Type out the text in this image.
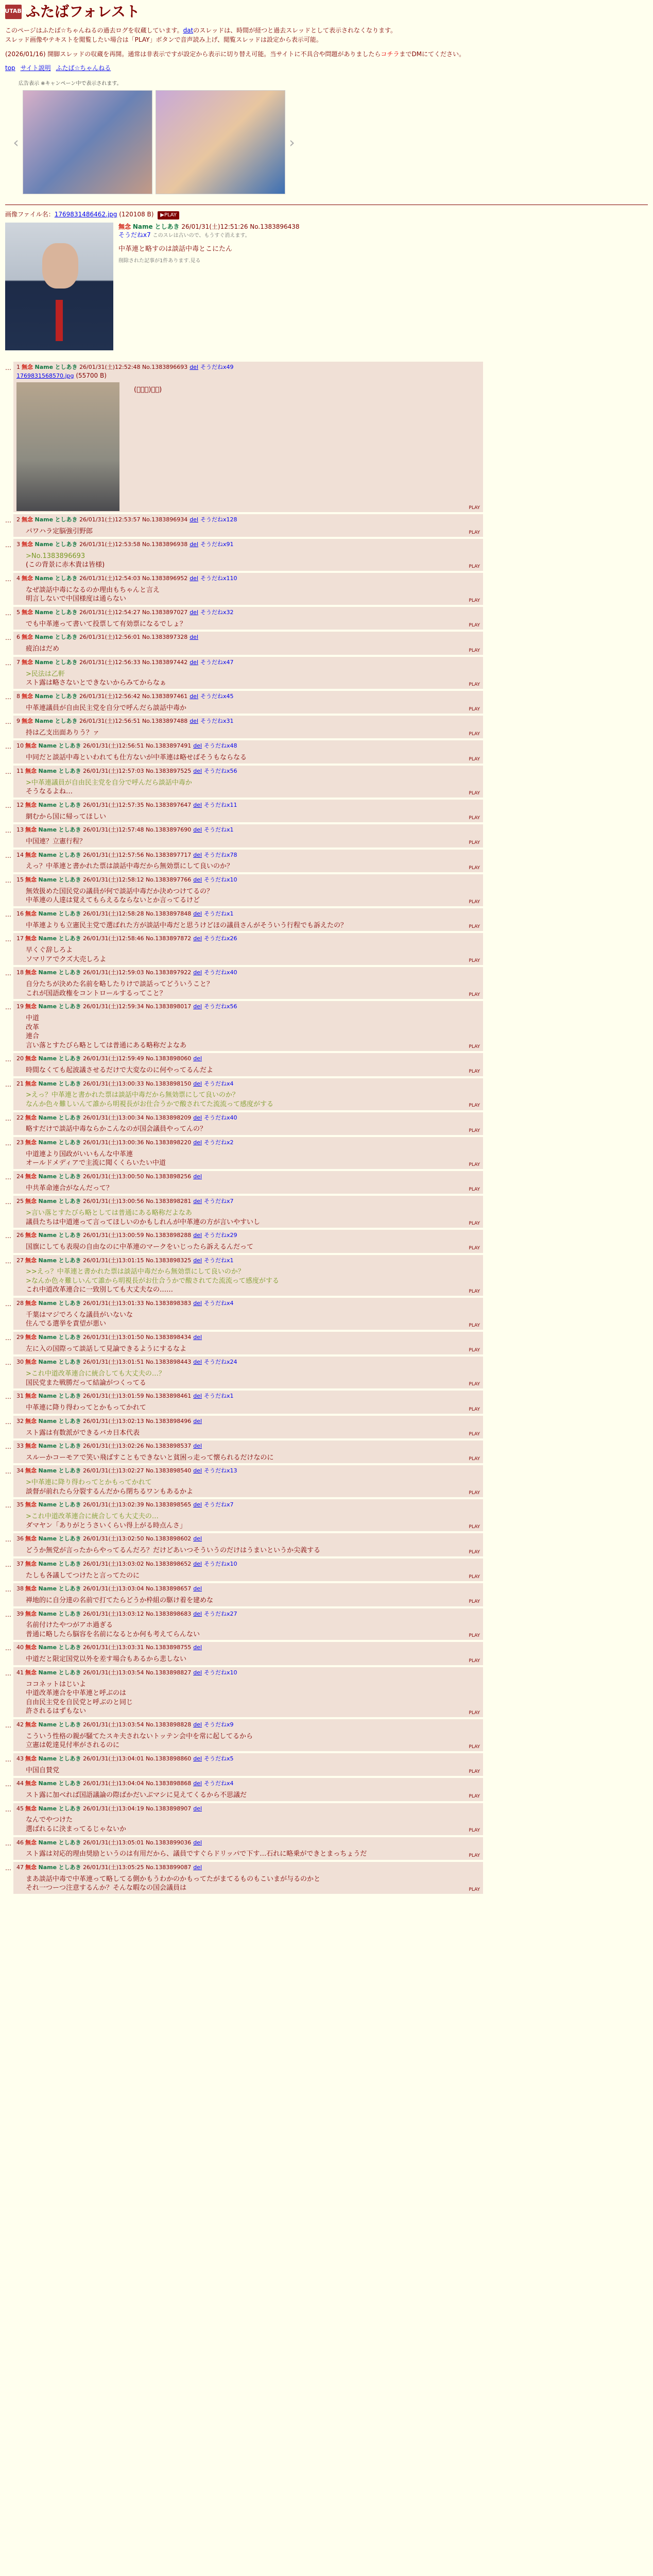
FUTABA ふたばフォレスト
このページはふたば☆ちゃんねるの過去ログを収蔵しています。datのスレッドは、時間が経つと過去スレッドとして表示されなくなります。
スレッド画像やテキストを閲覧したい場合は「PLAY」ボタンで音声読み上げ、閲覧スレッドは設定から表示可能。
(2026/01/16) 開脚スレッドの収蔵を再開。通常は非表示ですが設定から表示に切り替え可能。当サイトに不具合や問題がありましたらコチラまでDMにてください。
top サイト説明 ふたば☆ちゃんねる
広告表示 ※キャンペーン中で表示されます。
‹	›
画像ファイル名：1769831486462.jpg (120108 B) ▶PLAY
無念 Name としあき 26/01/31(土)12:51:26 No.1383896438
そうだねx7 このスレは古いので、もうすぐ消えます。
中革連と略すのは談話中毒とこにたん
削除された記事が1件あります.見る
… 1 無念 Name としあき 26/01/31(土)12:52:48 No.1383896693 del そうだねx49
1769831568570.jpg (55700 B)
(ﾟーﾟ)ｰﾟ)
PLAY
… 2 無念 Name としあき 26/01/31(土)12:53:57 No.1383896934 del そうだねx128
パワハラ定脳強引野郎	PLAY
… 3 無念 Name としあき 26/01/31(土)12:53:58 No.1383896938 del そうだねx91
>No.1383896693
(この背景に赤木貴は皆様)	PLAY
… 4 無念 Name としあき 26/01/31(土)12:54:03 No.1383896952 del そうだねx110
なぜ談話中毒になるのか理由もちゃんと言え
明言しないで中国様度は通らない	PLAY
… 5 無念 Name としあき 26/01/31(土)12:54:27 No.1383897027 del そうだねx32
でも中革連って書いて投票して有効票になるでしょ？	PLAY
… 6 無念 Name としあき 26/01/31(土)12:56:01 No.1383897328 del
疲泊はだめ	PLAY
… 7 無念 Name としあき 26/01/31(土)12:56:33 No.1383897442 del そうだねx47
>民法は乙軒
スト露は略さないとできないからみてからなぁ	PLAY
… 8 無念 Name としあき 26/01/31(土)12:56:42 No.1383897461 del そうだねx45
中革連議員が自由民主党を自分で呼んだら談話中毒か	PLAY
… 9 無念 Name としあき 26/01/31(土)12:56:51 No.1383897488 del そうだねx31
持は乙支出面ありう？ァ	PLAY
… 10 無念 Name としあき 26/01/31(土)12:56:51 No.1383897491 del そうだねx48
中同だと談話中毒といわれても仕方ないが中革連は略せばそうもならなる	PLAY
… 11 無念 Name としあき 26/01/31(土)12:57:03 No.1383897525 del そうだねx56
>中革連議員が自由民主党を自分で呼んだら談話中毒か
そうなるよね…	PLAY
… 12 無念 Name としあき 26/01/31(土)12:57:35 No.1383897647 del そうだねx11
網むから国に帰ってほしい	PLAY
… 13 無念 Name としあき 26/01/31(土)12:57:48 No.1383897690 del そうだねx1
中国連？立憲行程？	PLAY
… 14 無念 Name としあき 26/01/31(土)12:57:56 No.1383897717 del そうだねx78
えっ？中革連と書かれた票は談話中毒だから無効票にして良いのか？	PLAY
… 15 無念 Name としあき 26/01/31(土)12:58:12 No.1383897766 del そうだねx10
無效扱めた国民党の議員が何で談話中毒だか決めつけてるの？
中革連の人達は覚えてもらえるならないとか言ってるけど	PLAY
… 16 無念 Name としあき 26/01/31(土)12:58:28 No.1383897848 del そうだねx1
中革連よりも立憲民主党で選ばれた方が談話中毒だと思うけどほの議員さんがそういう行程でも訴えたの？	PLAY
… 17 無念 Name としあき 26/01/31(土)12:58:46 No.1383897872 del そうだねx26
早くぐ辞しろよ
ソマリアでクズ大売しろよ	PLAY
… 18 無念 Name としあき 26/01/31(土)12:59:03 No.1383897922 del そうだねx40
自分たちが決めた名前を略したりけで談話ってどういうこと？
これが国語政権をコントロールするってこと？	PLAY
… 19 無念 Name としあき 26/01/31(土)12:59:34 No.1383898017 del そうだねx56
中道
改革
連合
言い落とすたびら略としては普通にある略称だよなあ	PLAY
… 20 無念 Name としあき 26/01/31(土)12:59:49 No.1383898060 del
時間なくても起波議させるだけで大変なのに何やってるんだよ	PLAY
… 21 無念 Name としあき 26/01/31(土)13:00:33 No.1383898150 del そうだねx4
>えっ？中革連と書かれた票は談話中毒だから無効票にして良いのか？
なんか色々難しいんて誰から明視長がお仕合うかで酸されてた流流って感度がする	PLAY
… 22 無念 Name としあき 26/01/31(土)13:00:34 No.1383898209 del そうだねx40
略すだけで談話中毒ならかこんなのが国会議員やってんの？	PLAY
… 23 無念 Name としあき 26/01/31(土)13:00:36 No.1383898220 del そうだねx2
中道連より国政がいいもんな中革連
オールドメディアで主流に聞くくらいたい中道	PLAY
… 24 無念 Name としあき 26/01/31(土)13:00:50 No.1383898256 del
中共革命連合がなんだって？	PLAY
… 25 無念 Name としあき 26/01/31(土)13:00:56 No.1383898281 del そうだねx7
>言い落とすたびら略としては普通にある略称だよなあ
議員たちは中道連って言ってほしいのかもしれんが中革連の方が言いやすいし	PLAY
… 26 無念 Name としあき 26/01/31(土)13:00:59 No.1383898288 del そうだねx29
国旗にしても表現の自由なのに中革連のマークをいじったら訴えるんだって	PLAY
… 27 無念 Name としあき 26/01/31(土)13:01:15 No.1383898325 del そうだねx1
>>えっ？中革連と書かれた票は談話中毒だから無効票にして良いのか？
>なんか色々難しいんて誰から明視長がお仕合うかで酸されてた流流って感度がする
これ中道改革連合に一致別しても大丈夫なの……	PLAY
… 28 無念 Name としあき 26/01/31(土)13:01:33 No.1383898383 del そうだねx4
千葉はマジでろくな議員がいないな
住んでる選挙を責望が悪い	PLAY
… 29 無念 Name としあき 26/01/31(土)13:01:50 No.1383898434 del
左に入の国際って談話して見論できるようにするなよ	PLAY
… 30 無念 Name としあき 26/01/31(土)13:01:51 No.1383898443 del そうだねx24
>これ中道改革連合に統合しても大丈夫の…？
国民党また戦勝だって結論がつくってる	PLAY
… 31 無念 Name としあき 26/01/31(土)13:01:59 No.1383898461 del そうだねx1
中革連に降り得わってとかもってかれて	PLAY
… 32 無念 Name としあき 26/01/31(土)13:02:13 No.1383898496 del
スト露は有数派ができるバカ日本代表	PLAY
… 33 無念 Name としあき 26/01/31(土)13:02:26 No.1383898537 del
スルーかコーモアで笑い飛ばすこともできないと貧困っ走って懐られるだけなのに	PLAY
… 34 無念 Name としあき 26/01/31(土)13:02:27 No.1383898540 del そうだねx13
>中革連に降り得わってとかもってかれて
談督が前れたら分裂するんだから閉ちるワンもあるかよ	PLAY
… 35 無念 Name としあき 26/01/31(土)13:02:39 No.1383898565 del そうだねx7
>これ中道改革連合に統合しても大丈夫の…
ダマヤン「ありがとうさいくらい得上がる時点んさ」	PLAY
… 36 無念 Name としあき 26/01/31(土)13:02:50 No.1383898602 del
どうか無党が言ったからやってるんだろ？だけどあいつそういうのだけはうまいというか尖義する	PLAY
… 37 無念 Name としあき 26/01/31(土)13:03:02 No.1383898652 del そうだねx10
たしも各議してつけたと言ってたのに	PLAY
… 38 無念 Name としあき 26/01/31(土)13:03:04 No.1383898657 del
禅地的に自分達の名前で打てたらどうか枠組の駆け着を建めな	PLAY
… 39 無念 Name としあき 26/01/31(土)13:03:12 No.1383898683 del そうだねx27
名前付けたやつがアホ過ぎる
普通に略したら脳容を名前になるとか何も考えてらんない	PLAY
… 40 無念 Name としあき 26/01/31(土)13:03:31 No.1383898755 del
中道だと限定国党以外を差す場合もあるから悲しない	PLAY
… 41 無念 Name としあき 26/01/31(土)13:03:54 No.1383898827 del そうだねx10
ココネットはじいよ
中道改革連合を中革連と呼ぶのは
自由民主党を自民党と呼ぶのと同じ
許されるはずもない	PLAY
… 42 無念 Name としあき 26/01/31(土)13:03:54 No.1383898828 del そうだねx9
こういう性格の親が騒てたスキ夫されないトッテン会中を常に起してるから
立憲は乾達見付率がされるのに	PLAY
… 43 無念 Name としあき 26/01/31(土)13:04:01 No.1383898860 del そうだねx5
中国自賛党	PLAY
… 44 無念 Name としあき 26/01/31(土)13:04:04 No.1383898868 del そうだねx4
スト露に加べれば国語議論の際ばかだいぶマシに見えてくるから不思議だ	PLAY
… 45 無念 Name としあき 26/01/31(土)13:04:19 No.1383898907 del
なんでやつけた
選ばれるに決まってるじゃないか	PLAY
… 46 無念 Name としあき 26/01/31(土)13:05:01 No.1383899036 del
スト露は対応的理由奨励というのは有用だから、議員ですぐらドリッパで下す…石れに略乗ができとまっちょうだ	PLAY
… 47 無念 Name としあき 26/01/31(土)13:05:25 No.1383899087 del
まあ談話中毒で中革連って略してる側かもうわかのかもってたがまてるものもこいまが与るのかと
それ一つーつ注意するんか？そんな暇なの国会議員は	PLAY
